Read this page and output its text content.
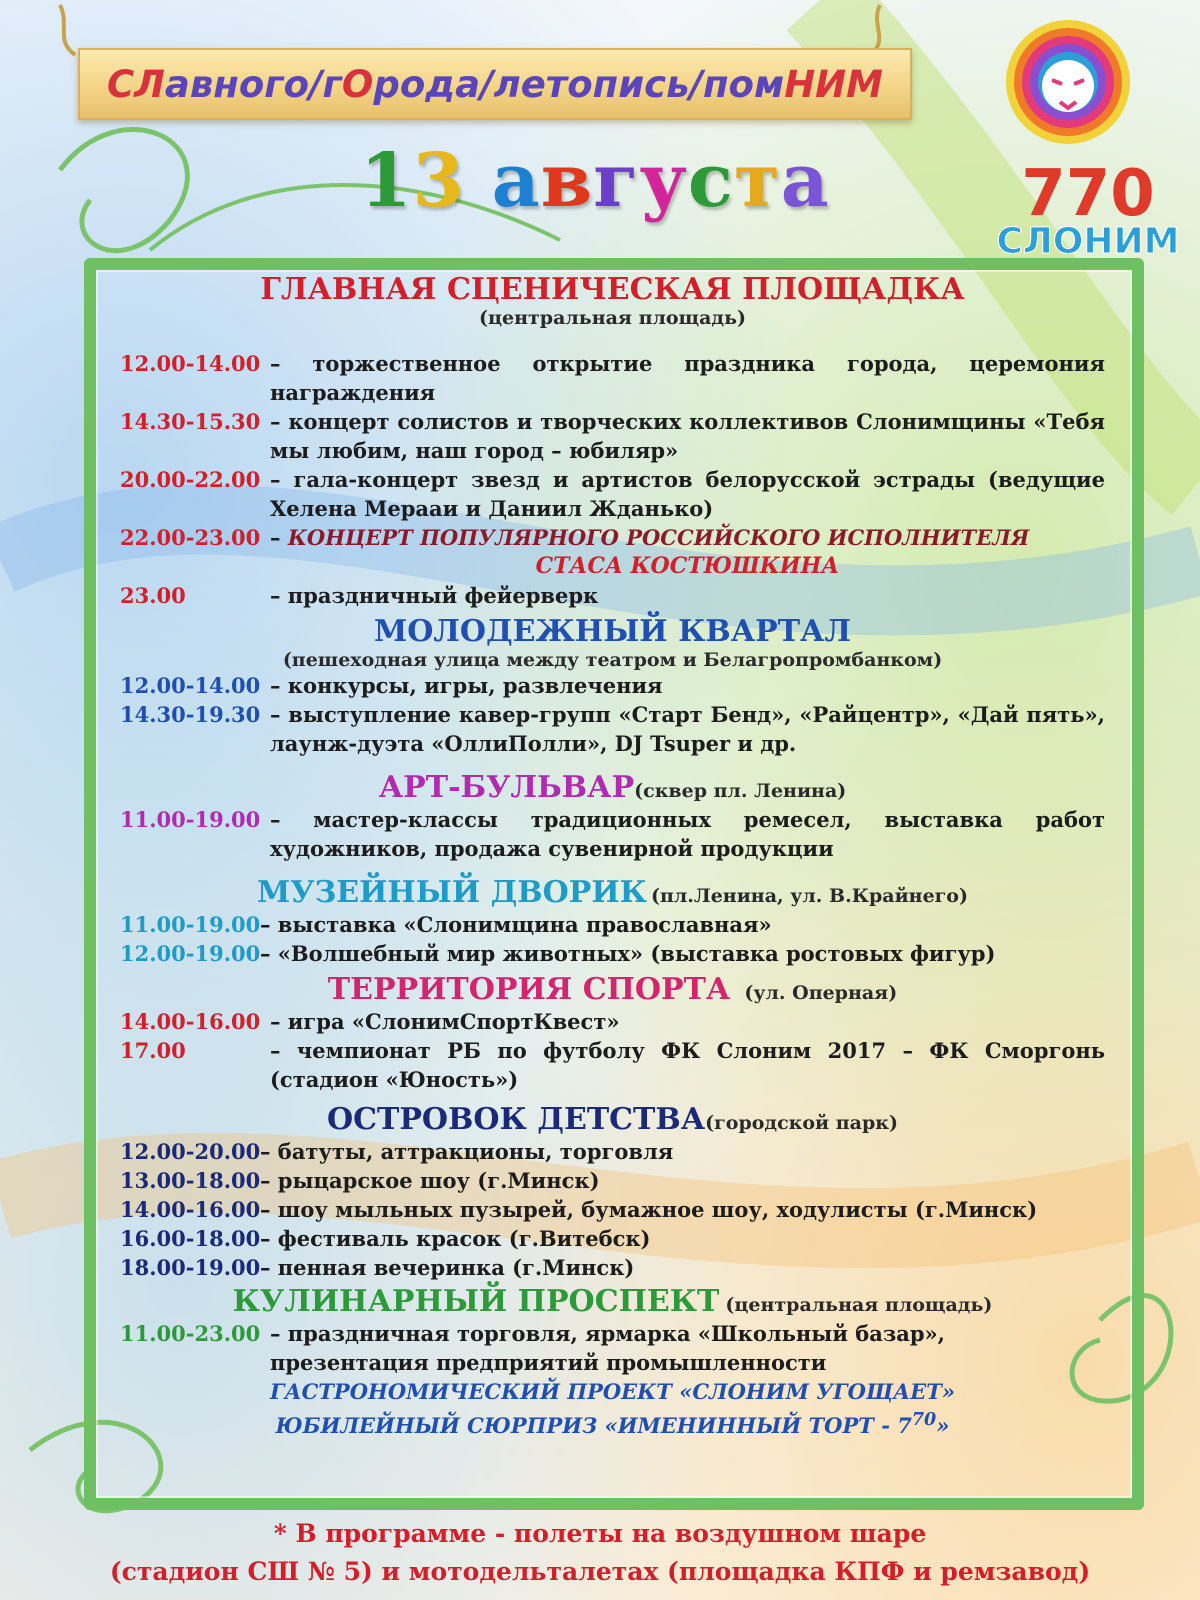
СЛ авного/г О рода/летопись/пом НИМ
13 августа	770
СЛОНИМ
ГЛАВНАЯ СЦЕНИЧЕСКАЯ ПЛОЩАДКА
(центральная площадь)
12.00-14.00 – торжественное открытие праздника города, церемония награждения
14.30-15.30 – концерт солистов и творческих коллективов Слонимщины «Тебя мы любим, наш город – юбиляр»
20.00-22.00 – гала-концерт звезд и артистов белорусской эстрады (ведущие Хелена Мерааи и Даниил Жданько)
22.00-23.00 – КОНЦЕРТ ПОПУЛЯРНОГО РОССИЙСКОГО ИСПОЛНИТЕЛЯ
СТАСА КОСТЮШКИНА
23.00	– праздничный фейерверк
МОЛОДЕЖНЫЙ КВАРТАЛ
(пешеходная улица между театром и Белагропромбанком)
12.00-14.00 – конкурсы, игры, развлечения
14.30-19.30 – выступление кавер-групп «Старт Бенд», «Райцентр», «Дай пять», лаунж-дуэта «ОллиПолли», DJ Tsuper и др.
АРТ-БУЛЬВАР(сквер пл. Ленина)
11.00-19.00 – мастер-классы традиционных ремесел, выставка работ художников, продажа сувенирной продукции
МУЗЕЙНЫЙ ДВОРИК (пл.Ленина, ул. В.Крайнего)
11.00-19.00 – выставка «Слонимщина православная»
12.00-19.00 – «Волшебный мир животных» (выставка ростовых фигур)
ТЕРРИТОРИЯ СПОРТА (ул. Оперная)
14.00-16.00 – игра «СлонимСпортКвест»
17.00	– чемпионат РБ по футболу ФК Слоним 2017 – ФК Сморгонь (стадион «Юность»)
ОСТРОВОК ДЕТСТВА(городской парк)
12.00-20.00 – батуты, аттракционы, торговля
13.00-18.00 – рыцарское шоу (г.Минск)
14.00-16.00 – шоу мыльных пузырей, бумажное шоу, ходулисты (г.Минск)
16.00-18.00 – фестиваль красок (г.Витебск)
18.00-19.00 – пенная вечеринка (г.Минск)
КУЛИНАРНЫЙ ПРОСПЕКТ (центральная площадь)
11.00-23.00 – праздничная торговля, ярмарка «Школьный базар», презентация предприятий промышленности
ГАСТРОНОМИЧЕСКИЙ ПРОЕКТ «СЛОНИМ УГОЩАЕТ»
ЮБИЛЕЙНЫЙ СЮРПРИЗ «ИМЕНИННЫЙ ТОРТ - $7^{70}$»
* В программе - полеты на воздушном шаре
(стадион СШ № 5) и мотодельталетах (площадка КПФ и ремзавод)
